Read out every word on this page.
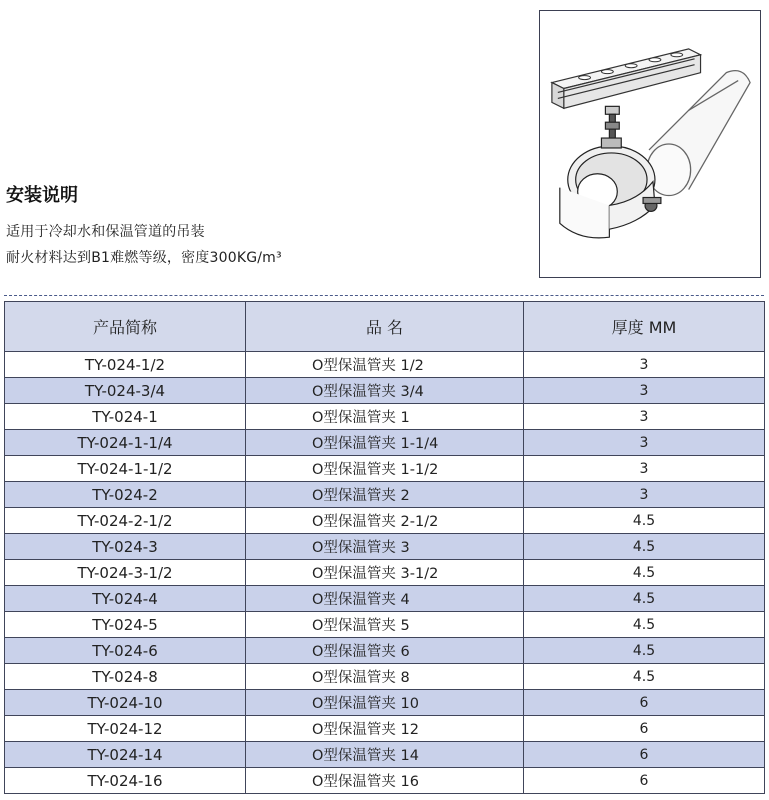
安装说明

适用于冷却水和保温管道的吊装

耐火材料达到B1难燃等级，密度300KG/m³

产品简称	品 名	厚度 MM
TY-024-1/2	O型保温管夹 1/2	3
TY-024-3/4	O型保温管夹 3/4	3
TY-024-1	O型保温管夹 1	3
TY-024-1-1/4	O型保温管夹 1-1/4	3
TY-024-1-1/2	O型保温管夹 1-1/2	3
TY-024-2	O型保温管夹 2	3
TY-024-2-1/2	O型保温管夹 2-1/2	4.5
TY-024-3	O型保温管夹 3	4.5
TY-024-3-1/2	O型保温管夹 3-1/2	4.5
TY-024-4	O型保温管夹 4	4.5
TY-024-5	O型保温管夹 5	4.5
TY-024-6	O型保温管夹 6	4.5
TY-024-8	O型保温管夹 8	4.5
TY-024-10	O型保温管夹 10	6
TY-024-12	O型保温管夹 12	6
TY-024-14	O型保温管夹 14	6
TY-024-16	O型保温管夹 16	6
